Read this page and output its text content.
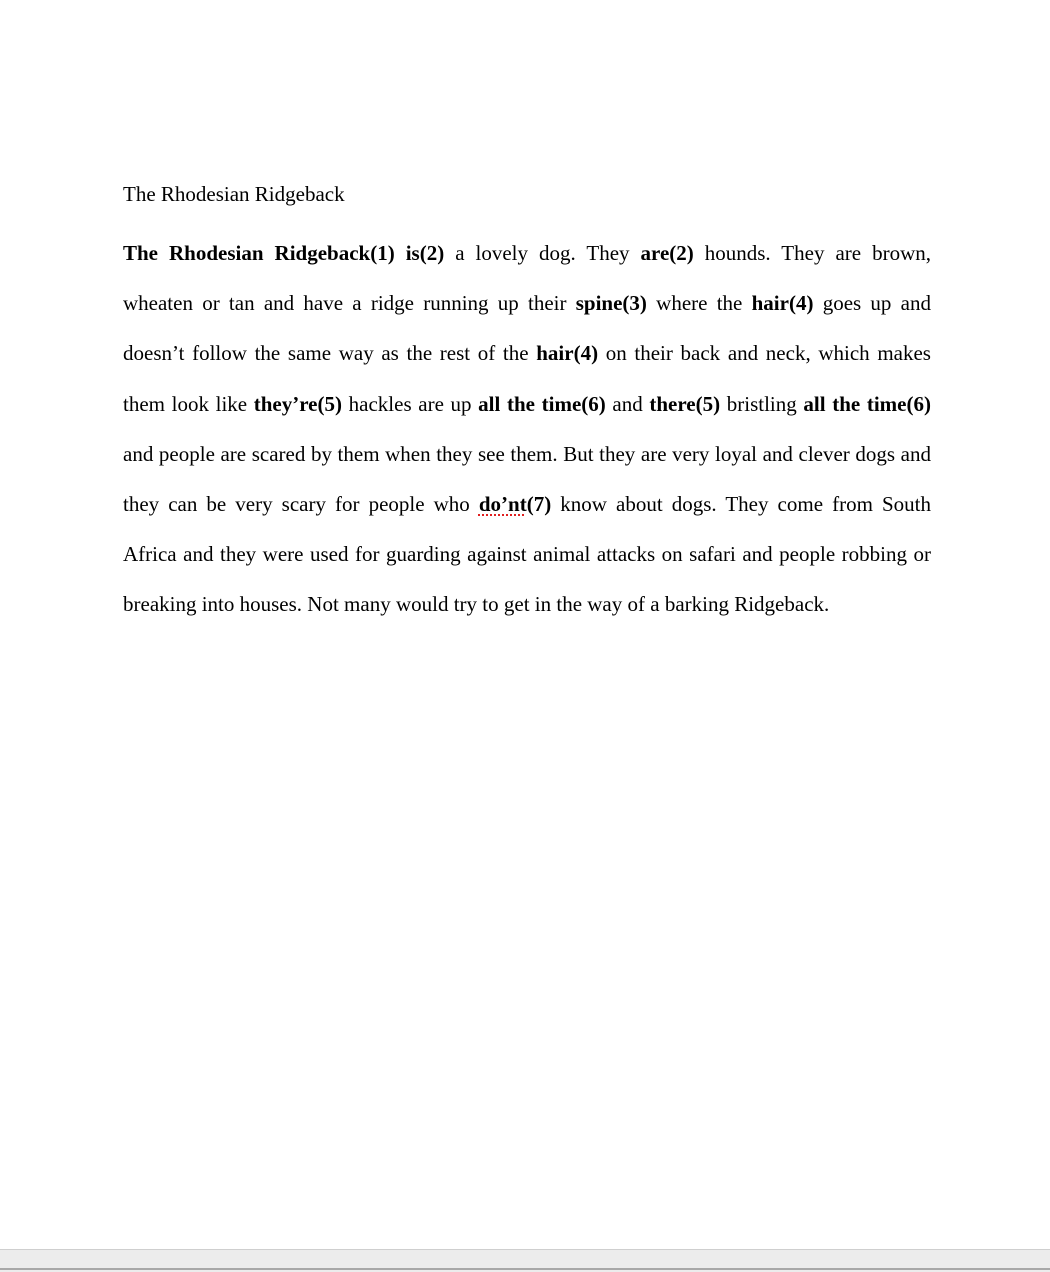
The Rhodesian Ridgeback

The Rhodesian Ridgeback(1) is(2) a lovely dog. They are(2) hounds. They are brown, wheaten or tan and have a ridge running up their spine(3) where the hair(4) goes up and doesn’t follow the same way as the rest of the hair(4) on their back and neck, which makes them look like they’re(5) hackles are up all the time(6) and there(5) bristling all the time(6) and people are scared by them when they see them. But they are very loyal and clever dogs and they can be very scary for people who do’nt(7) know about dogs. They come from South Africa and they were used for guarding against animal attacks on safari and people robbing or breaking into houses. Not many would try to get in the way of a barking Ridgeback.
